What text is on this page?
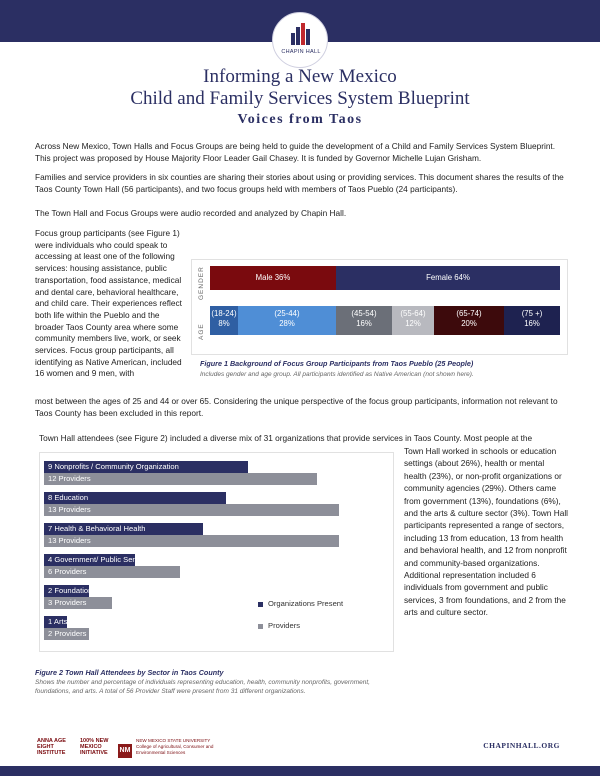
CHAPIN HALL
Informing a New Mexico
Child and Family Services System Blueprint
Voices from Taos
Across New Mexico, Town Halls and Focus Groups are being held to guide the development of a Child and Family Services System Blueprint. This project was proposed by House Majority Floor Leader Gail Chasey. It is funded by Governor Michelle Lujan Grisham.
Families and service providers in six counties are sharing their stories about using or providing services. This document shares the results of the Taos County Town Hall (56 participants), and two focus groups held with members of Taos Pueblo (24 participants).
The Town Hall and Focus Groups were audio recorded and analyzed by Chapin Hall.
Focus group participants (see Figure 1) were individuals who could speak to accessing at least one of the following services: housing assistance, public transportation, food assistance, medical and dental care, behavioral healthcare, and child care. Their experiences reflect both life within the Pueblo and the broader Taos County area where some community members live, work, or seek services. Focus group participants, all identifying as Native American, included 16 women and 9 men, with
most between the ages of 25 and 44 or over 65. Considering the unique perspective of the focus group participants, information not relevant to Taos County has been excluded in this report.
GENDER
AGE
Male 36%	Female 64%
(18-24)
8%
(25-44)
28%
(45-54)
16%
(55-64)
12%
(65-74)
20%
(75 +)
16%
Figure 1 Background of Focus Group Participants from Taos Pueblo (25 People)
Includes gender and age group. All participants identified as Native American (not shown here).
Town Hall attendees (see Figure 2) included a diverse mix of 31 organizations that provide services in Taos County. Most people at the
Town Hall worked in schools or education settings (about 26%), health or mental health (23%), or non-profit organizations or community agencies (29%). Others came from government (13%), foundations (6%), and the arts & culture sector (3%). Town Hall participants represented a range of sectors, including 13 from education, 13 from health and behavioral health, and 12 from nonprofit and community-based organizations. Additional representation included 6 individuals from government and public services, 3 from foundations, and 2 from the arts and culture sector.
9 Nonprofits / Community Organization
12 Providers
8 Education
13 Providers
7 Health & Behavioral Health
13 Providers
4 Government/ Public Services
6 Providers
2 Foundation
3 Providers
1 Arts & Culture
2 Providers
Organizations Present
Providers
Figure 2 Town Hall Attendees by Sector in Taos County
Shows the number and percentage of individuals representing education, health, community nonprofits, government, foundations, and arts. A total of 56 Provider Staff were present from 31 different organizations.
ANNA AGE EIGHT INSTITUTE
100% NEW MEXICO INITIATIVE	NM
NEW MEXICO STATE UNIVERSITY College of Agricultural, Consumer and Environmental Sciences
CHAPINHALL.ORG
